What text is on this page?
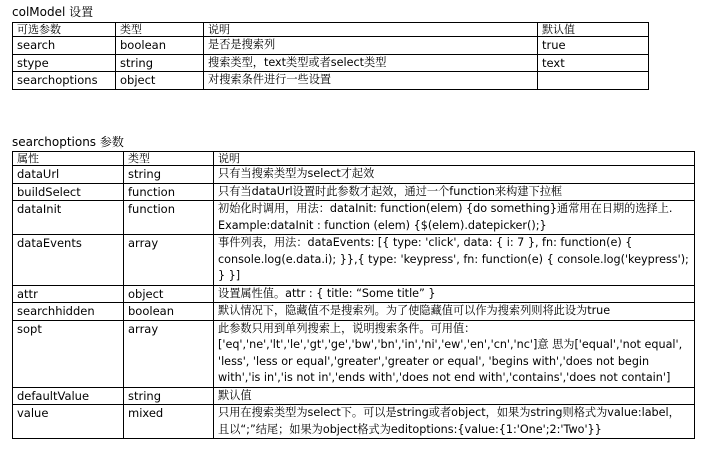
colModel 设置
可选参数	类型	说明	默认值
search	boolean	是否是搜索列	true
stype	string	搜索类型，text类型或者select类型	text
searchoptions	object	对搜索条件进行一些设置	
searchoptions 参数
属性	类型	说明
dataUrl	string	只有当搜索类型为select才起效
buildSelect	function	只有当dataUrl设置时此参数才起效，通过一个function来构建下拉框
dataInit	function	初始化时调用，用法：dataInit: function(elem) {do something}通常用在日期的选择上. Example:dataInit : function (elem) {$(elem).datepicker();}
dataEvents	array	事件列表，用法：dataEvents: [{ type: 'click', data: { i: 7 }, fn: function(e) { console.log(e.data.i); }},{ type: 'keypress', fn: function(e) { console.log('keypress'); } }]
attr	object	设置属性值。attr : { title: “Some title” }
searchhidden	boolean	默认情况下，隐藏值不是搜索列。为了使隐藏值可以作为搜索列则将此设为true
sopt	array	此参数只用到单列搜索上，说明搜索条件。可用值：['eq','ne','lt','le','gt','ge','bw','bn','in','ni','ew','en','cn','nc']意 思为['equal','not equal', 'less', 'less or equal','greater','greater or equal', 'begins with','does not begin with','is in','is not in','ends with','does not end with','contains','does not contain']
defaultValue	string	默认值
value	mixed	只用在搜索类型为select下。可以是string或者object，如果为string则格式为value:label，且以“;”结尾；如果为object格式为editoptions:{value:{1:'One';2:'Two'}}
